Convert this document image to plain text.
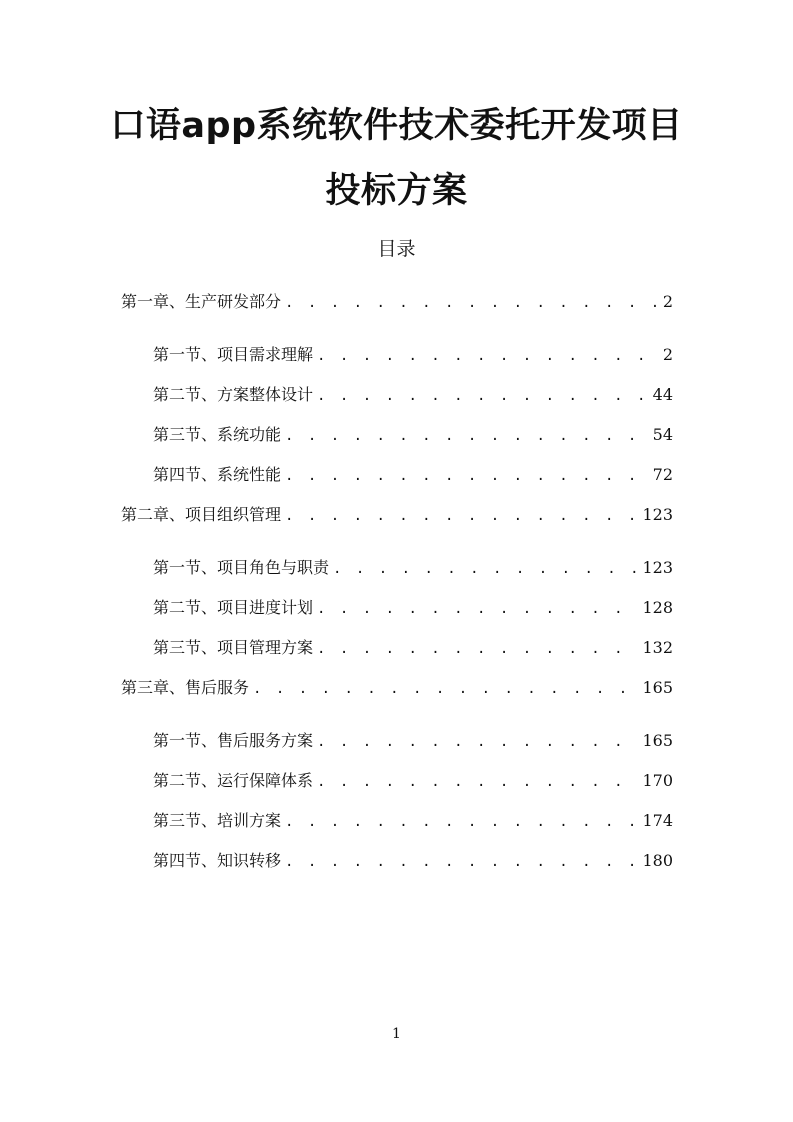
口语app系统软件技术委托开发项目
投标方案
目录
第一章、生产研发部分 . . .	2
第一节、项目需求理解 . . .	2
第二节、方案整体设计 . . .	44
第三节、系统功能 . . .	54
第四节、系统性能 . . .	72
第二章、项目组织管理 . . .	123
第一节、项目角色与职责 . . .	123
第二节、项目进度计划 . . .	128
第三节、项目管理方案 . . .	132
第三章、售后服务 . . .	165
第一节、售后服务方案 . . .	165
第二节、运行保障体系 . . .	170
第三节、培训方案 . . .	174
第四节、知识转移 . . .	180
1
